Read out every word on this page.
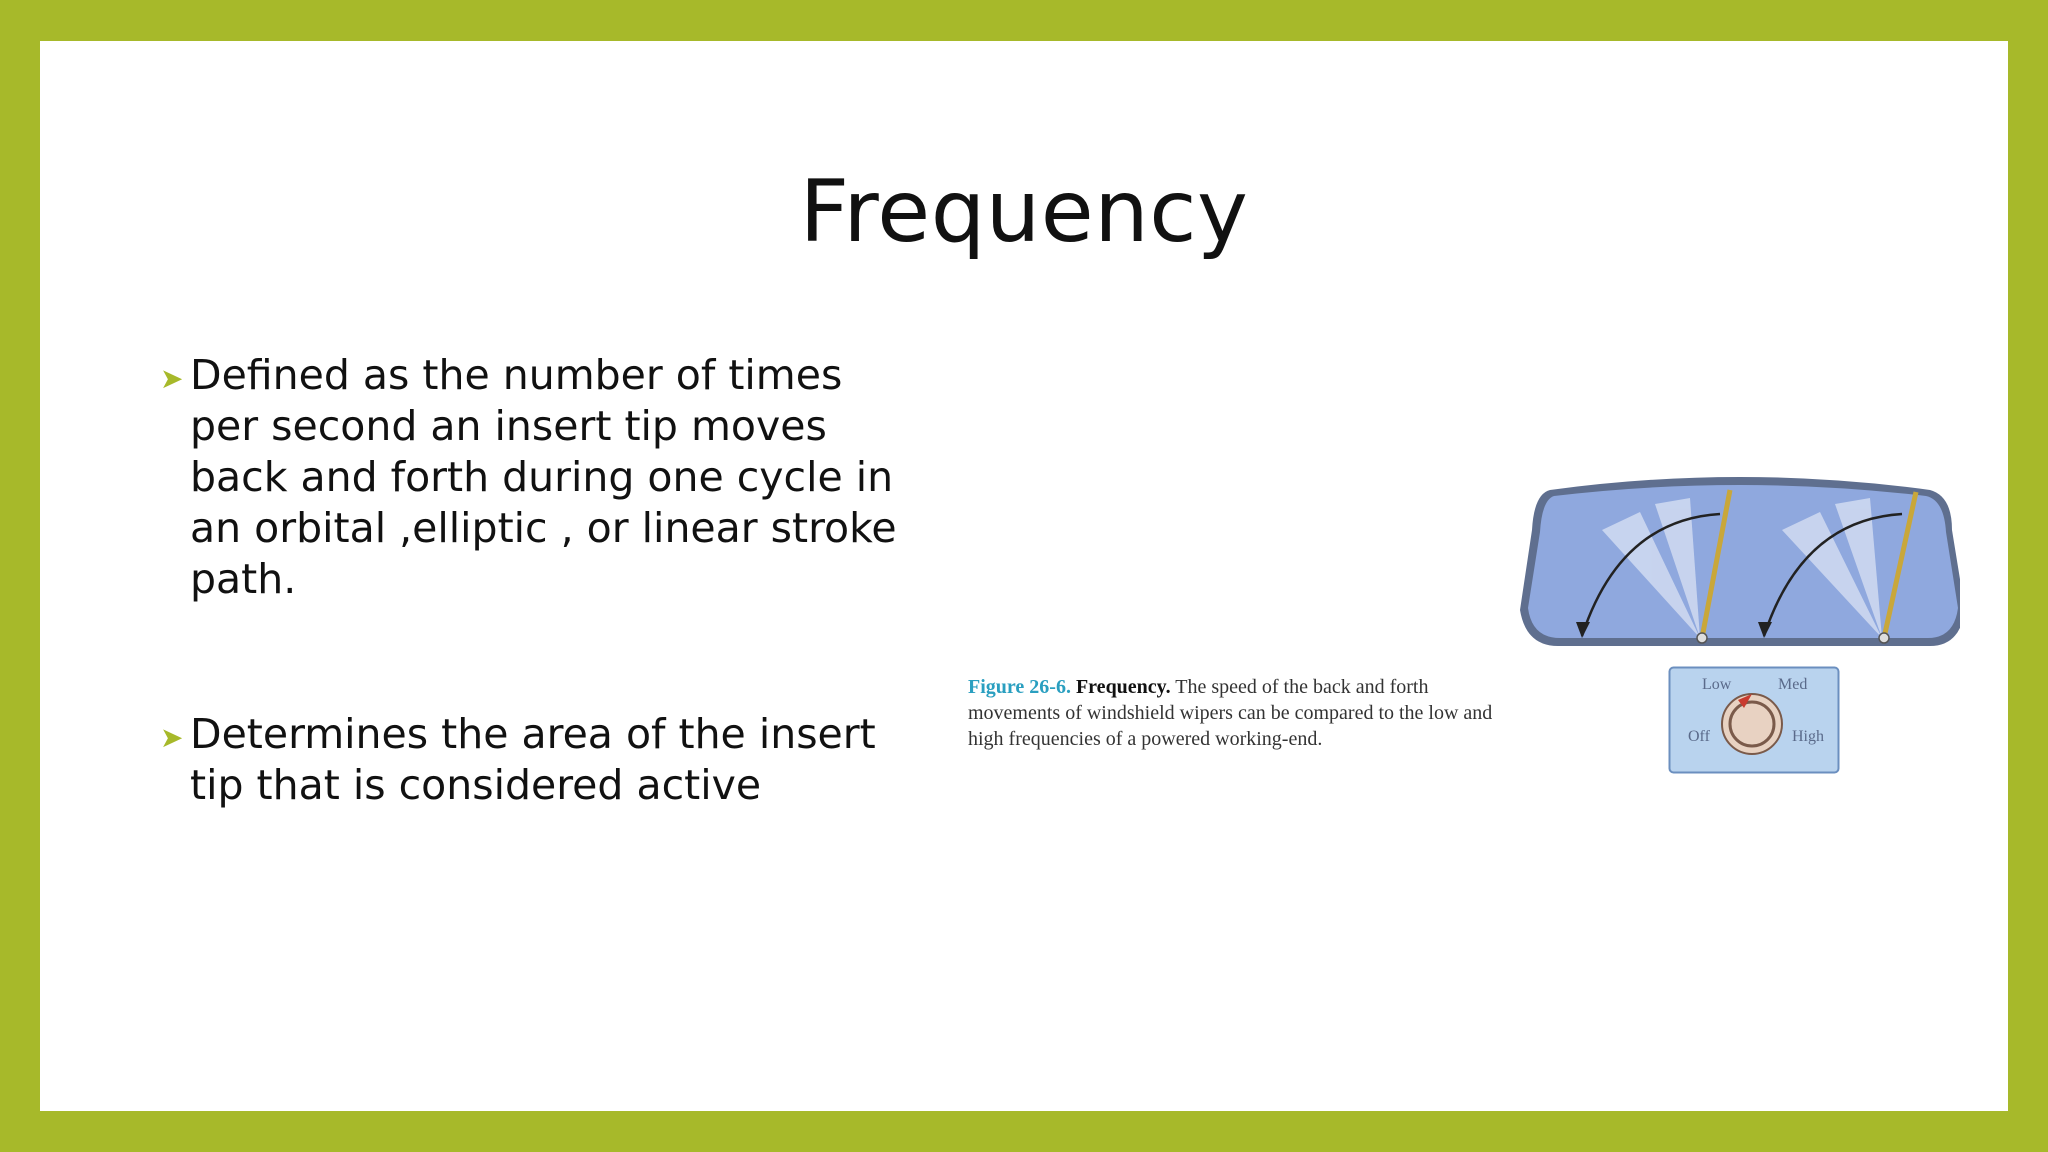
Frequency
➤ Defined as the number of times per second an insert tip moves back and forth during one cycle in an orbital ,elliptic , or linear stroke path.
➤ Determines the area of the insert tip that is considered active
Low	Med
Off	High
Figure 26-6. Frequency. The speed of the back and forth movements of windshield wipers can be compared to the low and high frequencies of a powered working-end.
